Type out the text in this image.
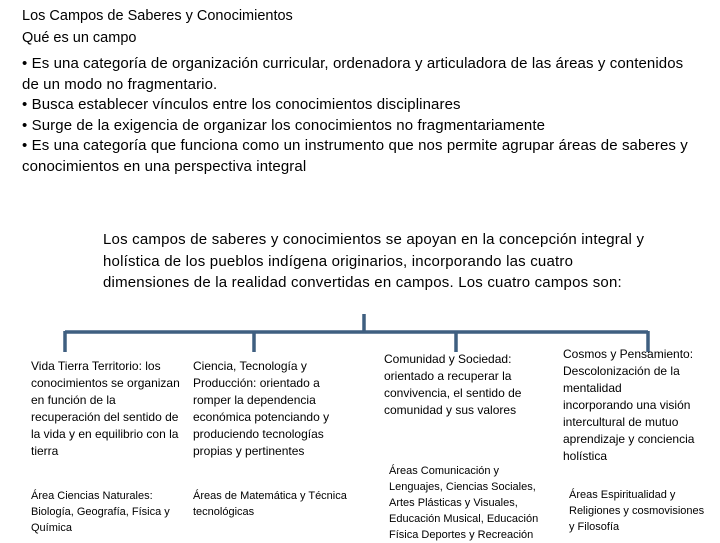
Los Campos de Saberes y Conocimientos
Qué es un campo

• Es una categoría de organización curricular, ordenadora y articuladora de las áreas y contenidos de un modo no fragmentario.

• Busca establecer vínculos entre los conocimientos disciplinares

• Surge de la exigencia de organizar los conocimientos no fragmentariamente

• Es una categoría que funciona como un instrumento que nos permite agrupar áreas de saberes y conocimientos en una perspectiva integral

Los campos de saberes y conocimientos se apoyan en la concepción integral y holística de los pueblos indígena originarios, incorporando las cuatro dimensiones de la realidad convertidas en campos. Los cuatro campos son:
Vida Tierra Territorio: los conocimientos se organizan en función de la recuperación del sentido de la vida y en equilibrio con la tierra
Área Ciencias Naturales: Biología, Geografía, Física y Química
Ciencia, Tecnología y Producción: orientado a romper la dependencia económica potenciando y produciendo tecnologías propias y pertinentes
Áreas de Matemática y Técnica tecnológicas
Comunidad y Sociedad: orientado a recuperar la convivencia, el sentido de comunidad y sus valores
Áreas Comunicación y Lenguajes, Ciencias Sociales, Artes Plásticas y Visuales, Educación Musical, Educación Física Deportes y Recreación
Cosmos y Pensamiento: Descolonización de la mentalidad incorporando una visión intercultural de mutuo aprendizaje y conciencia holística
Áreas Espiritualidad y Religiones y cosmovisiones y Filosofía
